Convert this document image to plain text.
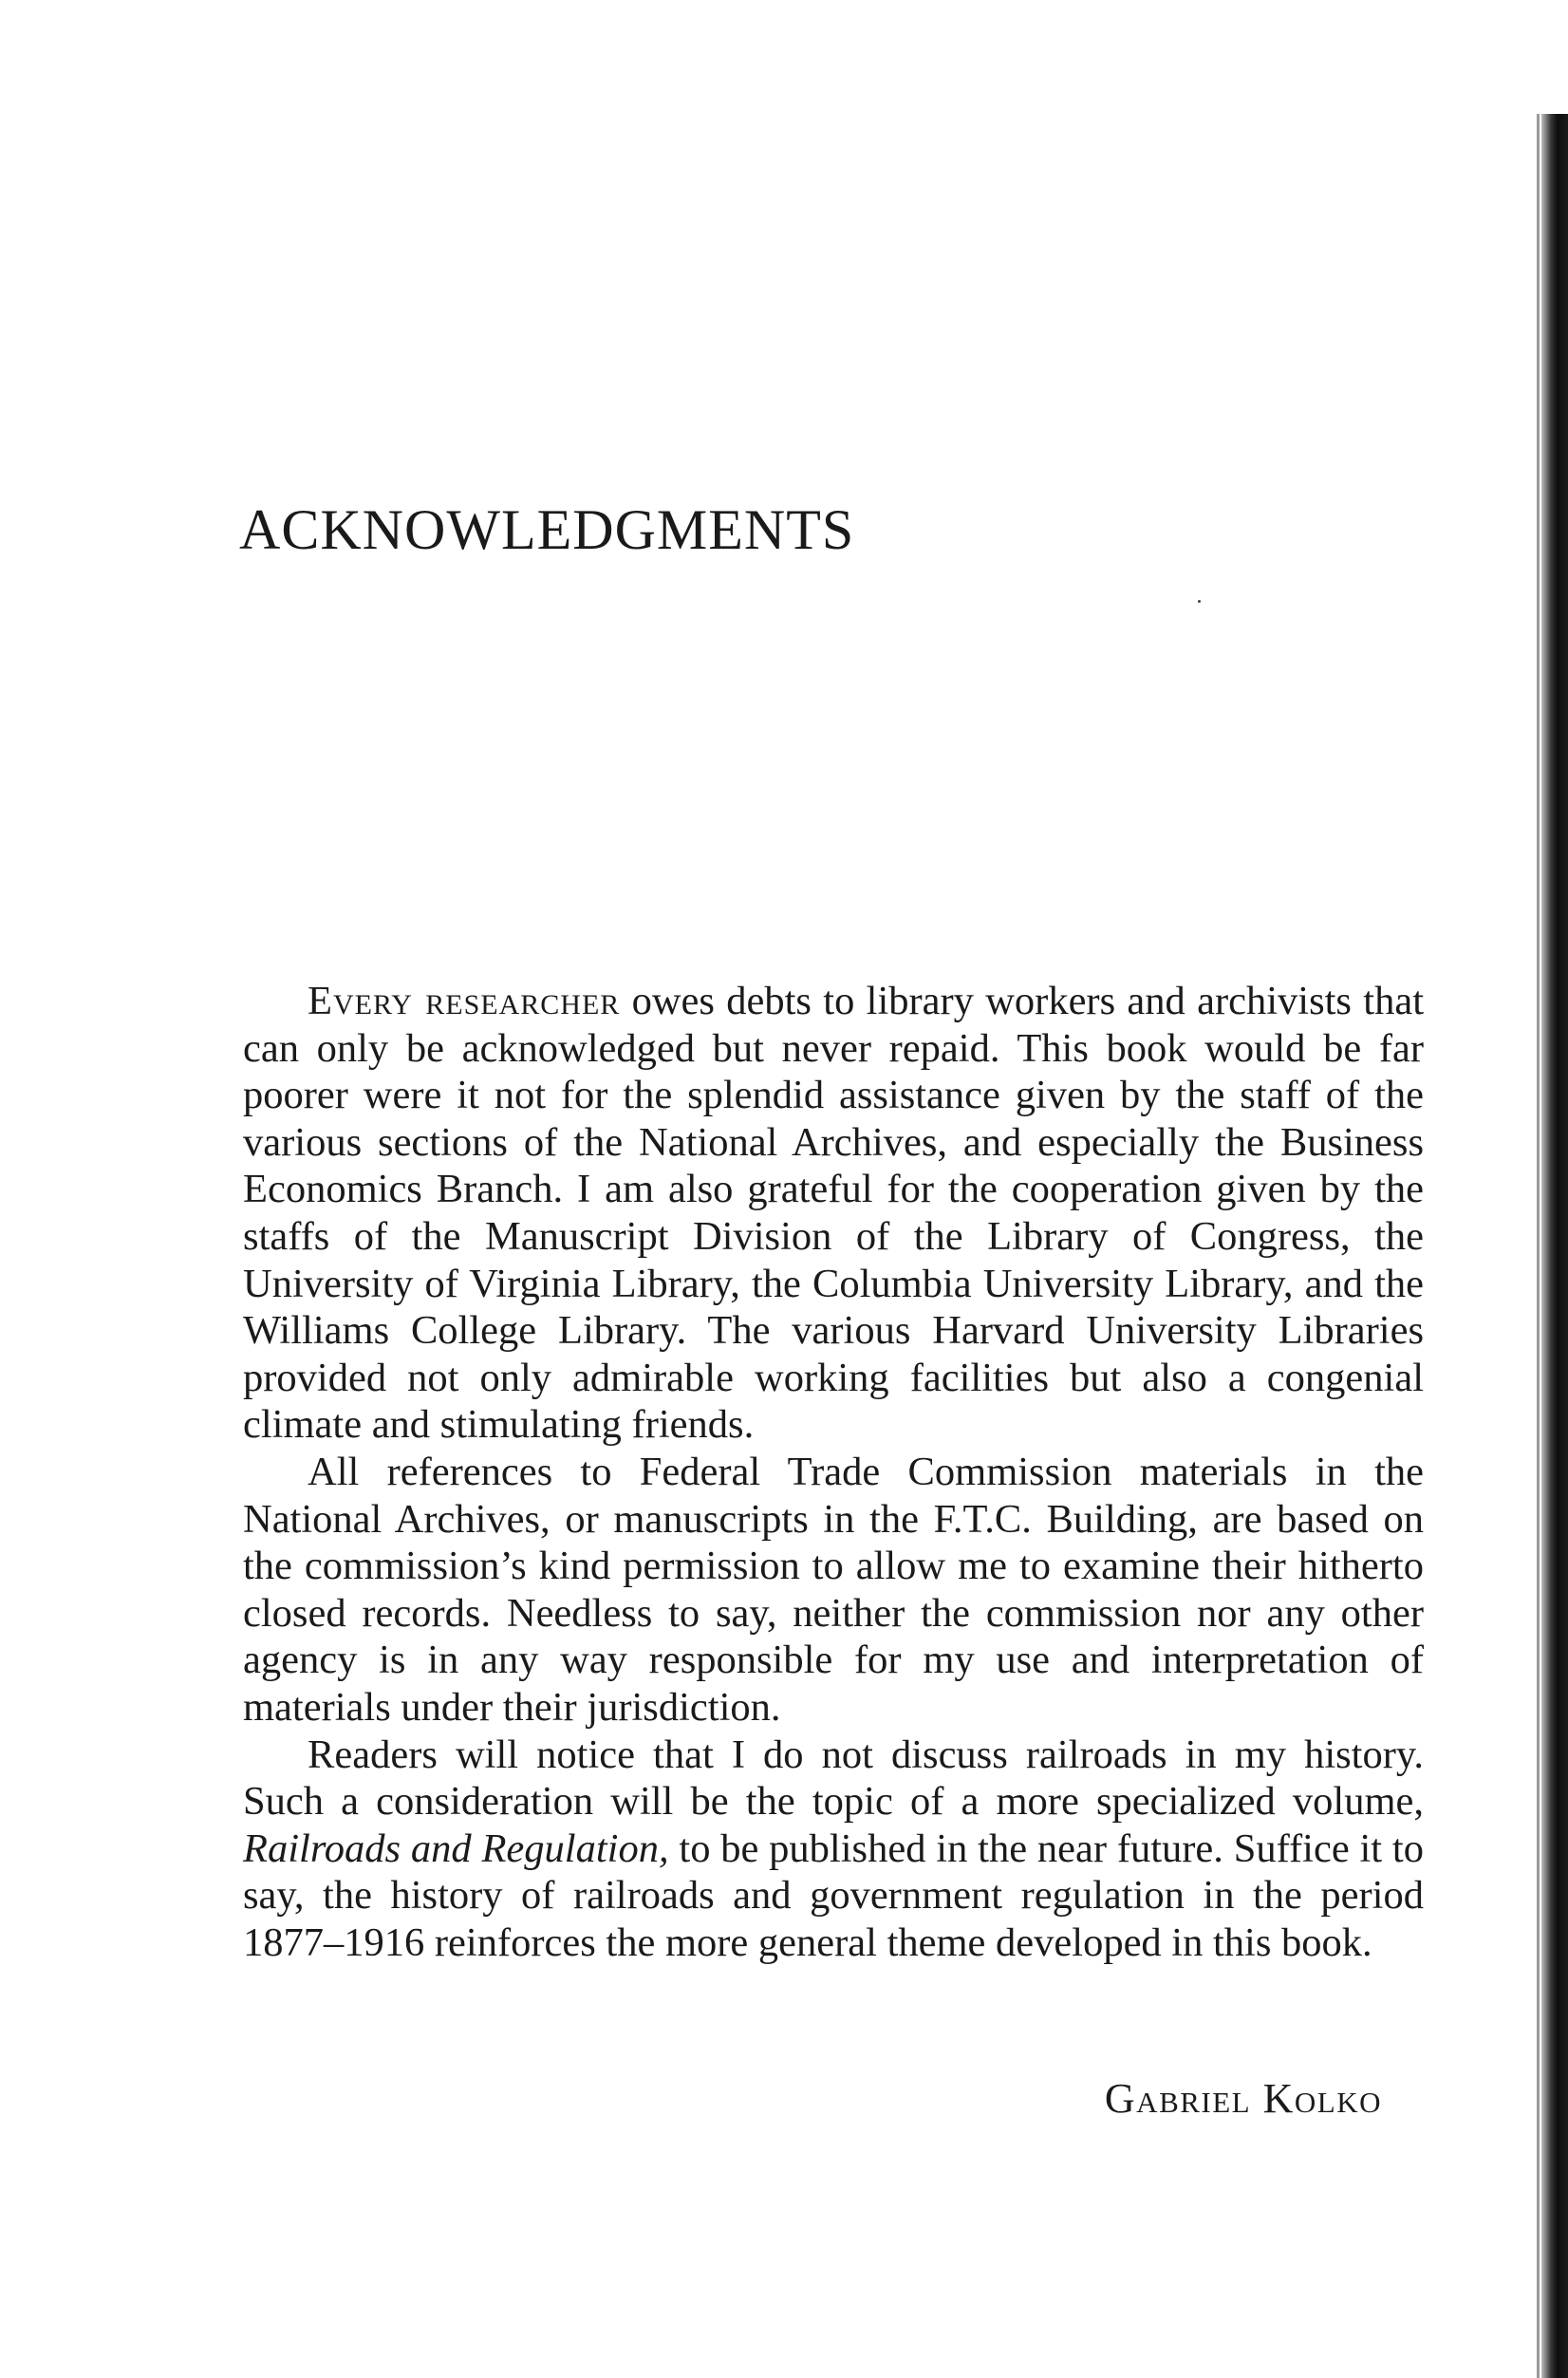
ACKNOWLEDGMENTS

Every researcher owes debts to library workers and archivists that can only be acknowledged but never repaid. This book would be far poorer were it not for the splendid assistance given by the staff of the various sections of the National Archives, and especially the Business Economics Branch. I am also grateful for the cooperation given by the staffs of the Manuscript Division of the Library of Congress, the University of Virginia Library, the Columbia University Library, and the Williams College Library. The various Harvard University Libraries provided not only admirable working facilities but also a congenial climate and stimulating friends.

All references to Federal Trade Commission materials in the National Archives, or manuscripts in the F.T.C. Building, are based on the commission’s kind permission to allow me to examine their hitherto closed records. Needless to say, neither the commission nor any other agency is in any way responsible for my use and interpretation of materials under their jurisdiction.

Readers will notice that I do not discuss railroads in my history. Such a consideration will be the topic of a more specialized volume, Railroads and Regulation, to be published in the near future. Suffice it to say, the history of railroads and government regulation in the period 1877–1916 reinforces the more general theme developed in this book.

Gabriel Kolko
